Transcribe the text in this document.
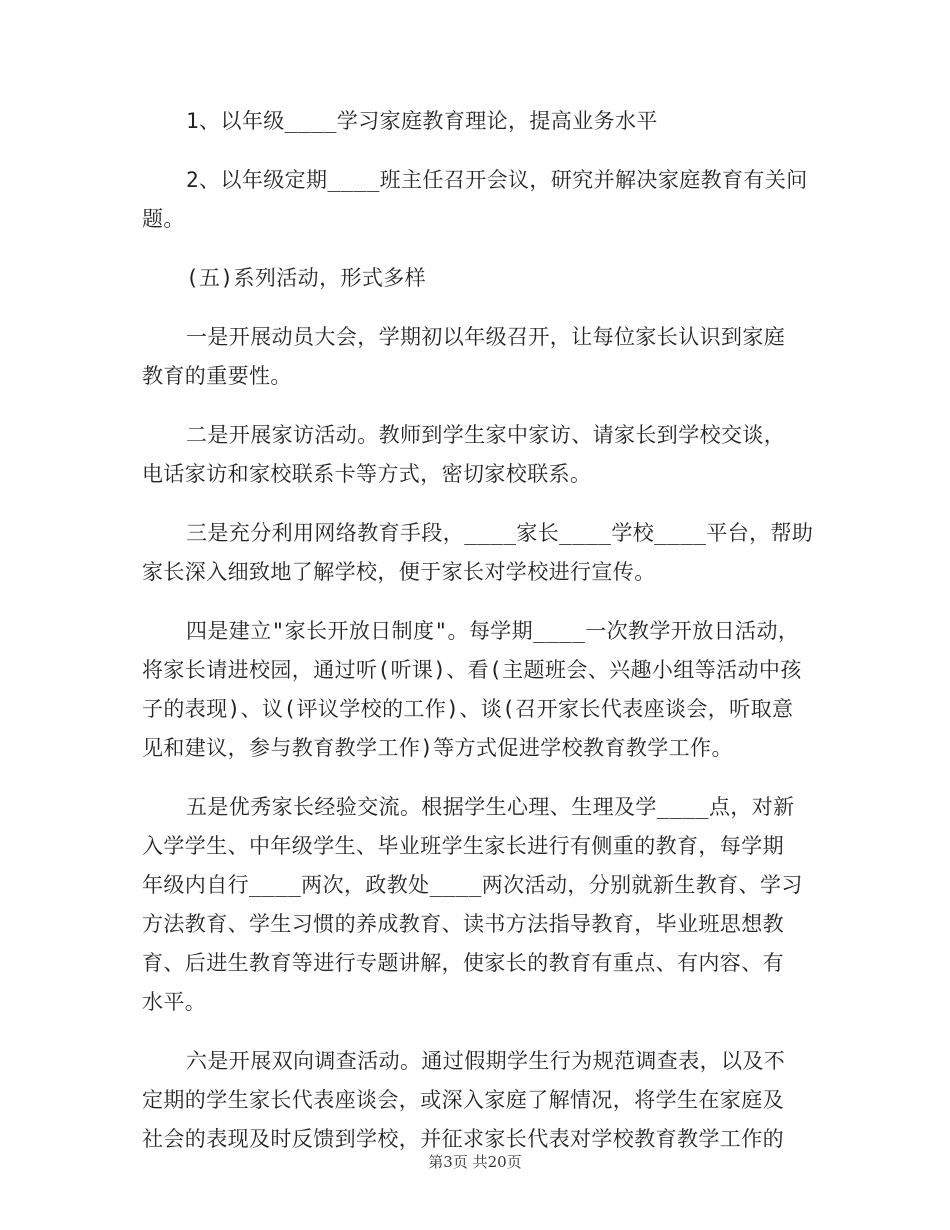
1、以年级____学习家庭教育理论，提高业务水平
2、以年级定期____班主任召开会议，研究并解决家庭教育有关问
题。
(五)系列活动，形式多样
一是开展动员大会，学期初以年级召开，让每位家长认识到家庭
教育的重要性。
二是开展家访活动。教师到学生家中家访、请家长到学校交谈，
电话家访和家校联系卡等方式，密切家校联系。
三是充分利用网络教育手段，____家长____学校____平台，帮助
家长深入细致地了解学校，便于家长对学校进行宣传。
四是建立"家长开放日制度"。每学期____一次教学开放日活动，
将家长请进校园，通过听(听课)、看(主题班会、兴趣小组等活动中孩
子的表现)、议(评议学校的工作)、谈(召开家长代表座谈会，听取意
见和建议，参与教育教学工作)等方式促进学校教育教学工作。
五是优秀家长经验交流。根据学生心理、生理及学____点，对新
入学学生、中年级学生、毕业班学生家长进行有侧重的教育，每学期
年级内自行____两次，政教处____两次活动，分别就新生教育、学习
方法教育、学生习惯的养成教育、读书方法指导教育，毕业班思想教
育、后进生教育等进行专题讲解，使家长的教育有重点、有内容、有
水平。
六是开展双向调查活动。通过假期学生行为规范调查表，以及不
定期的学生家长代表座谈会，或深入家庭了解情况，将学生在家庭及
社会的表现及时反馈到学校，并征求家长代表对学校教育教学工作的
第3页 共20页
